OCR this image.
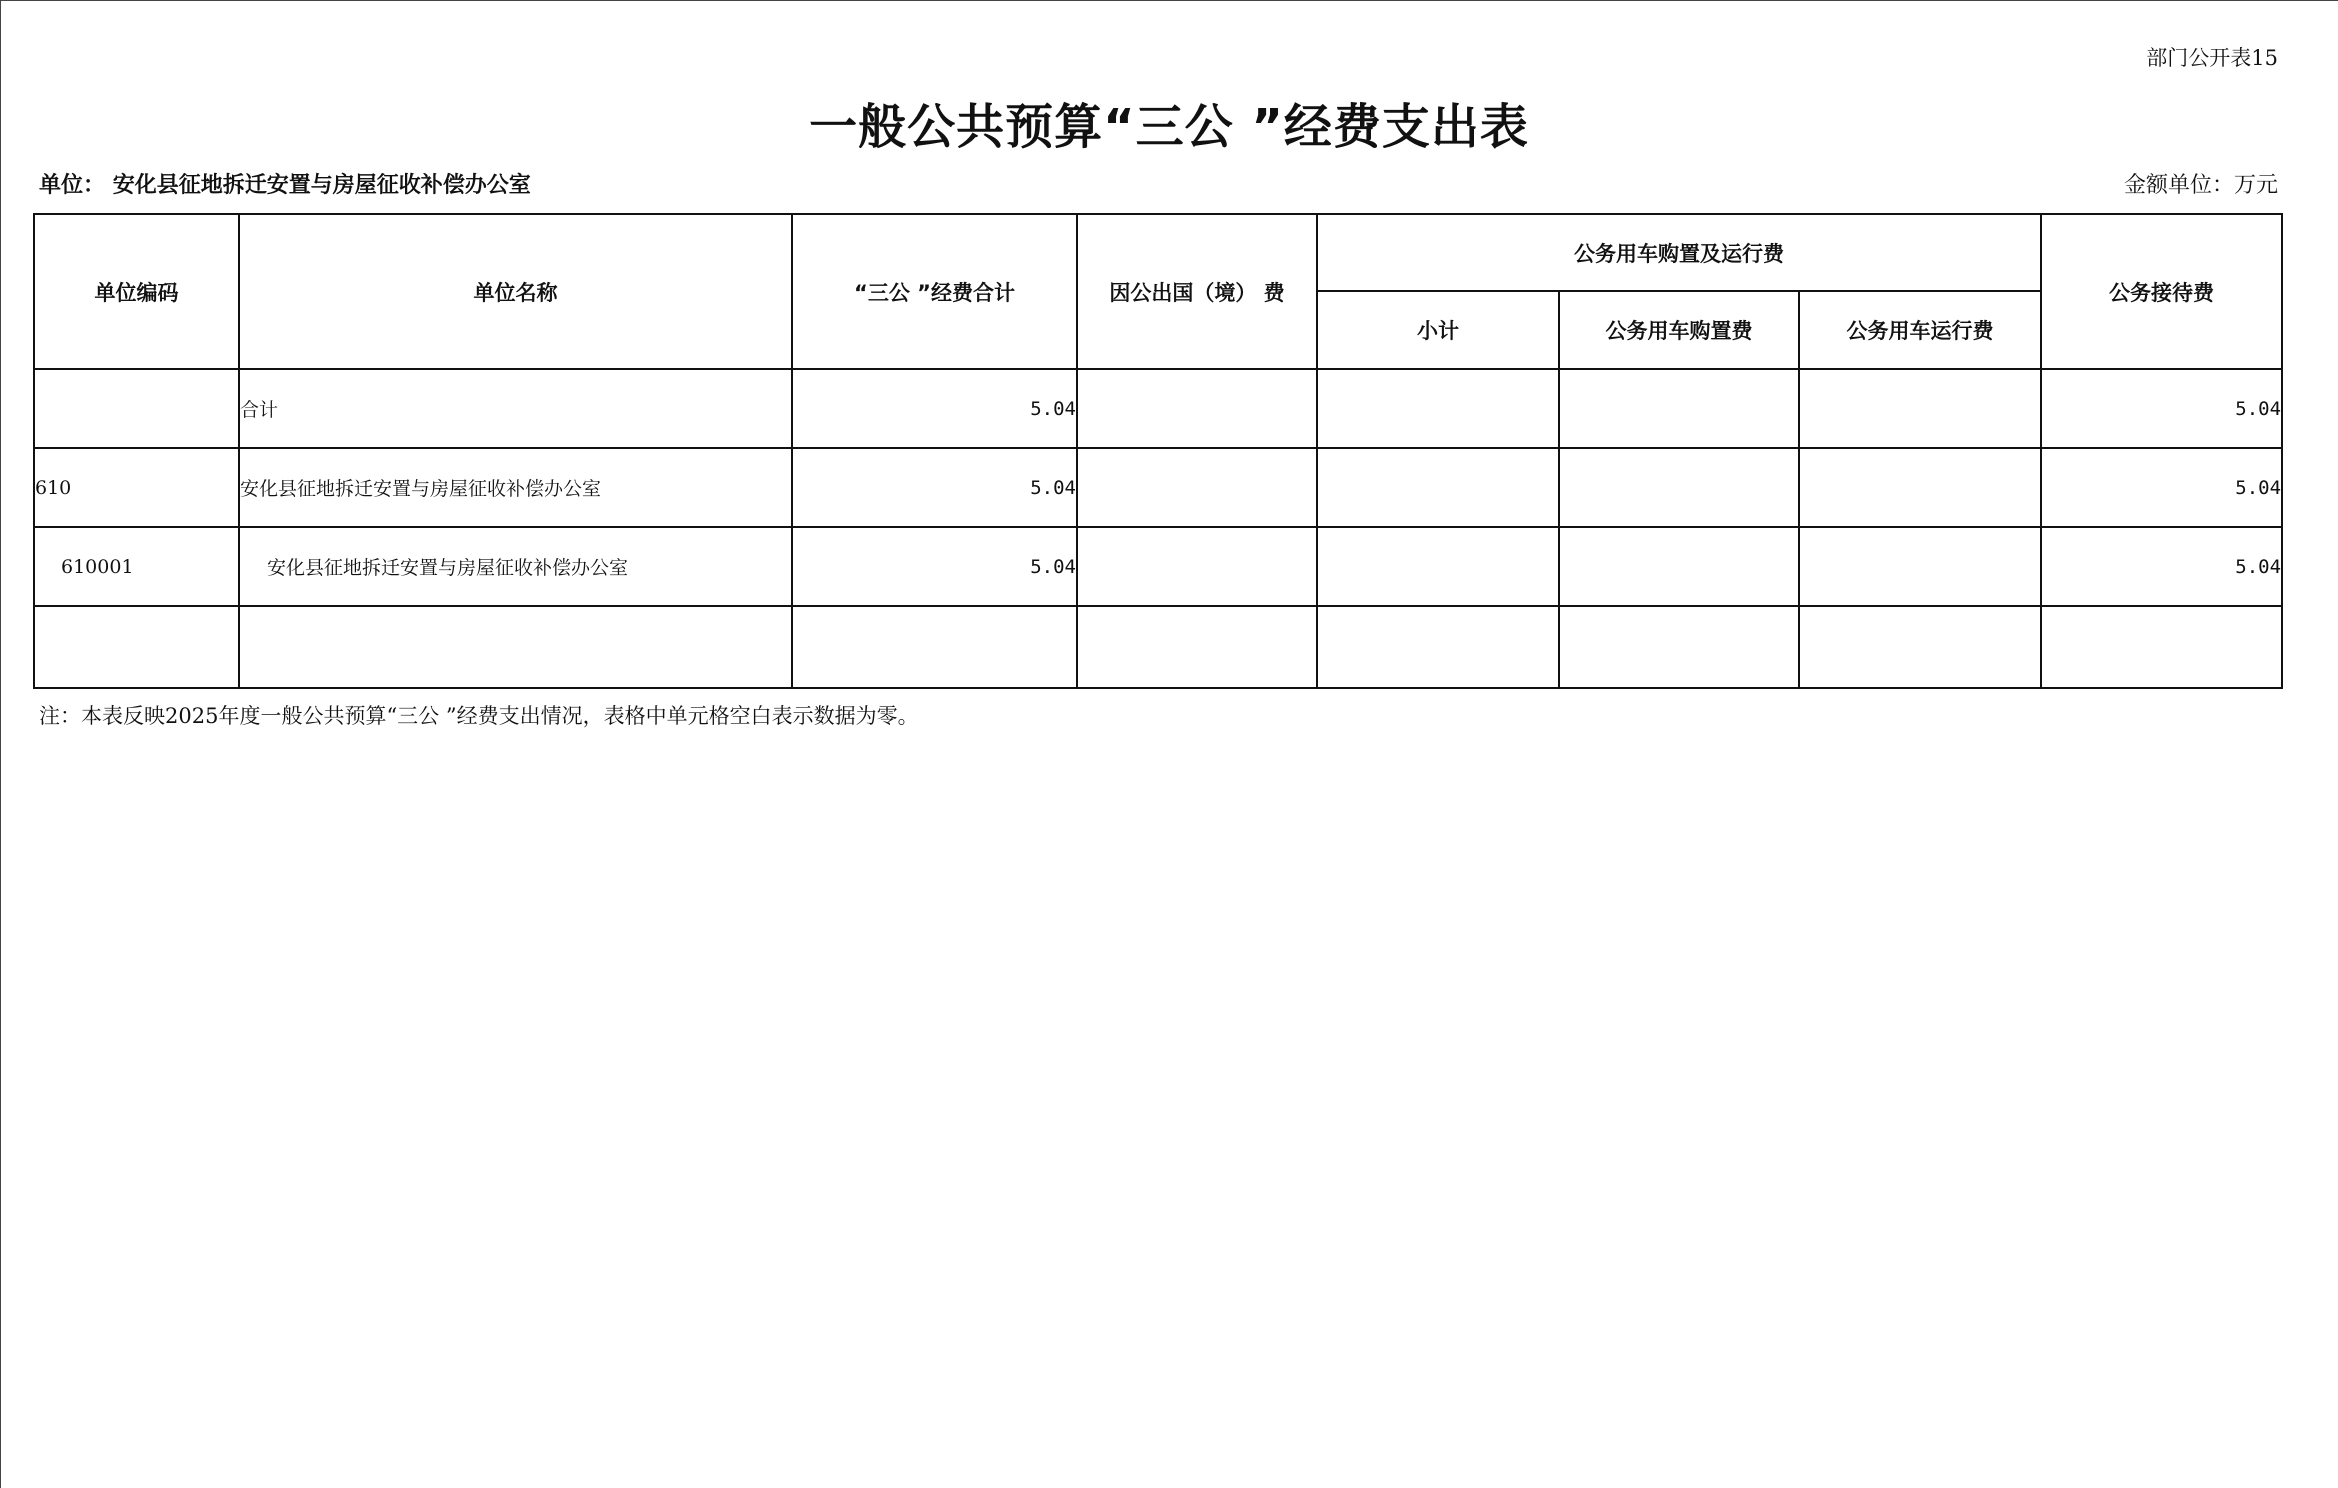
部门公开表15
一般公共预算“三公 ”经费支出表
单位： 安化县征地拆迁安置与房屋征收补偿办公室	金额单位：万元
单位编码	单位名称	“三公 ”经费合计	因公出国（境） 费	公务用车购置及运行费			公务接待费
				小计	公务用车购置费	公务用车运行费	
	合计	5.04					5.04
610	安化县征地拆迁安置与房屋征收补偿办公室	5.04					5.04
610001	安化县征地拆迁安置与房屋征收补偿办公室	5.04					5.04

注：本表反映2025年度一般公共预算“三公 ”经费支出情况，表格中单元格空白表示数据为零。
